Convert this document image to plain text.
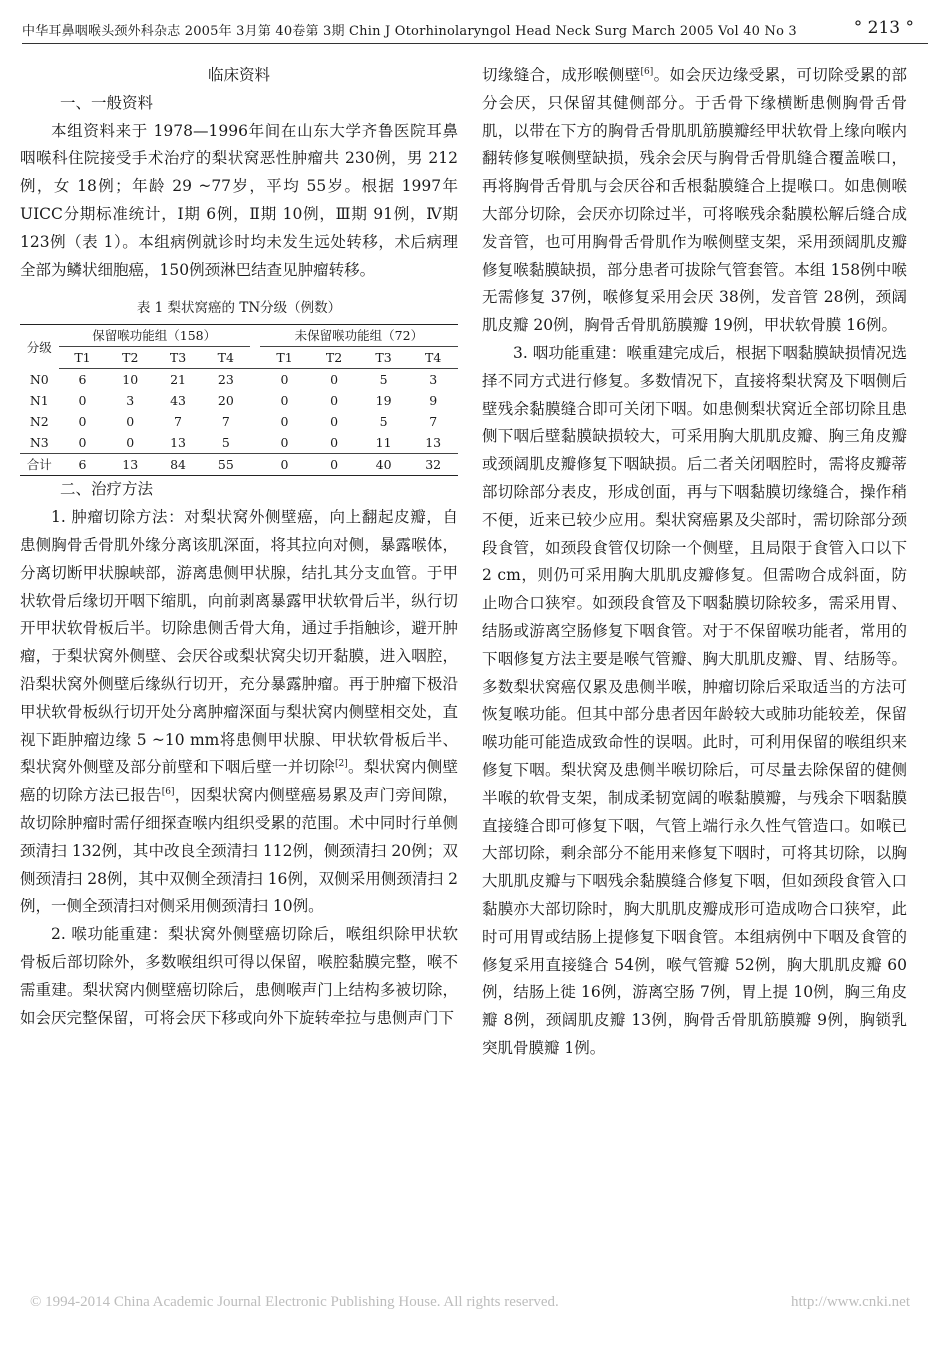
中华耳鼻咽喉头颈外科杂志 2005年 3月第 40卷第 3期 Chin J Otorhinolaryngol Head Neck Surg March 2005 Vol 40 No 3	° 213 °

临床资料

一、一般资料

本组资料来于 1978—1996年间在山东大学齐鲁医院耳鼻咽喉科住院接受手术治疗的梨状窝恶性肿瘤共 230例，男 212例，女 18例；年龄 29 ~77岁，平均 55岁。根据 1997年 UICC分期标准统计，Ⅰ期 6例，Ⅱ期 10例，Ⅲ期 91例，Ⅳ期 123例（表 1）。本组病例就诊时均未发生远处转移，术后病理全部为鳞状细胞癌，150例颈淋巴结查见肿瘤转移。

表 1 梨状窝癌的 TN分级（例数）
分级	保留喉功能组（158）					未保留喉功能组（72）			
	T1	T2	T3	T4		T1	T2	T3	T4
N0	6	10	21	23		0	0	5	3
N1	0	3	43	20		0	0	19	9
N2	0	0	7	7		0	0	5	7
N3	0	0	13	5		0	0	11	13
合计	6	13	84	55		0	0	40	32

二、治疗方法

1. 肿瘤切除方法：对梨状窝外侧壁癌，向上翻起皮瓣，自患侧胸骨舌骨肌外缘分离该肌深面，将其拉向对侧，暴露喉体，分离切断甲状腺峡部，游离患侧甲状腺，结扎其分支血管。于甲状软骨后缘切开咽下缩肌，向前剥离暴露甲状软骨后半，纵行切开甲状软骨板后半。切除患侧舌骨大角，通过手指触诊，避开肿瘤，于梨状窝外侧壁、会厌谷或梨状窝尖切开黏膜，进入咽腔，沿梨状窝外侧壁后缘纵行切开，充分暴露肿瘤。再于肿瘤下极沿甲状软骨板纵行切开处分离肿瘤深面与梨状窝内侧壁相交处，直视下距肿瘤边缘 5 ~10 mm将患侧甲状腺、甲状软骨板后半、梨状窝外侧壁及部分前壁和下咽后壁一并切除[2]。梨状窝内侧壁癌的切除方法已报告[6]，因梨状窝内侧壁癌易累及声门旁间隙，故切除肿瘤时需仔细探查喉内组织受累的范围。术中同时行单侧颈清扫 132例，其中改良全颈清扫 112例，侧颈清扫 20例；双侧颈清扫 28例，其中双侧全颈清扫 16例，双侧采用侧颈清扫 2例，一侧全颈清扫对侧采用侧颈清扫 10例。

2. 喉功能重建：梨状窝外侧壁癌切除后，喉组织除甲状软骨板后部切除外，多数喉组织可得以保留，喉腔黏膜完整，喉不需重建。梨状窝内侧壁癌切除后，患侧喉声门上结构多被切除，如会厌完整保留，可将会厌下移或向外下旋转牵拉与患侧声门下

切缘缝合，成形喉侧壁[6]。如会厌边缘受累，可切除受累的部分会厌，只保留其健侧部分。于舌骨下缘横断患侧胸骨舌骨肌，以带在下方的胸骨舌骨肌肌筋膜瓣经甲状软骨上缘向喉内翻转修复喉侧壁缺损，残余会厌与胸骨舌骨肌缝合覆盖喉口，再将胸骨舌骨肌与会厌谷和舌根黏膜缝合上提喉口。如患侧喉大部分切除，会厌亦切除过半，可将喉残余黏膜松解后缝合成发音管，也可用胸骨舌骨肌作为喉侧壁支架，采用颈阔肌皮瓣修复喉黏膜缺损，部分患者可拔除气管套管。本组 158例中喉无需修复 37例，喉修复采用会厌 38例，发音管 28例，颈阔肌皮瓣 20例，胸骨舌骨肌筋膜瓣 19例，甲状软骨膜 16例。

3. 咽功能重建：喉重建完成后，根据下咽黏膜缺损情况选择不同方式进行修复。多数情况下，直接将梨状窝及下咽侧后壁残余黏膜缝合即可关闭下咽。如患侧梨状窝近全部切除且患侧下咽后壁黏膜缺损较大，可采用胸大肌肌皮瓣、胸三角皮瓣或颈阔肌皮瓣修复下咽缺损。后二者关闭咽腔时，需将皮瓣蒂部切除部分表皮，形成创面，再与下咽黏膜切缘缝合，操作稍不便，近来已较少应用。梨状窝癌累及尖部时，需切除部分颈段食管，如颈段食管仅切除一个侧壁，且局限于食管入口以下 2 cm，则仍可采用胸大肌肌皮瓣修复。但需吻合成斜面，防止吻合口狭窄。如颈段食管及下咽黏膜切除较多，需采用胃、结肠或游离空肠修复下咽食管。对于不保留喉功能者，常用的下咽修复方法主要是喉气管瓣、胸大肌肌皮瓣、胃、结肠等。多数梨状窝癌仅累及患侧半喉，肿瘤切除后采取适当的方法可恢复喉功能。但其中部分患者因年龄较大或肺功能较差，保留喉功能可能造成致命性的误咽。此时，可利用保留的喉组织来修复下咽。梨状窝及患侧半喉切除后，可尽量去除保留的健侧半喉的软骨支架，制成柔韧宽阔的喉黏膜瓣，与残余下咽黏膜直接缝合即可修复下咽，气管上端行永久性气管造口。如喉已大部切除，剩余部分不能用来修复下咽时，可将其切除，以胸大肌肌皮瓣与下咽残余黏膜缝合修复下咽，但如颈段食管入口黏膜亦大部切除时，胸大肌肌皮瓣成形可造成吻合口狭窄，此时可用胃或结肠上提修复下咽食管。本组病例中下咽及食管的修复采用直接缝合 54例，喉气管瓣 52例，胸大肌肌皮瓣 60例，结肠上徙 16例，游离空肠 7例，胃上提 10例，胸三角皮瓣 8例，颈阔肌皮瓣 13例，胸骨舌骨肌筋膜瓣 9例，胸锁乳突肌骨膜瓣 1例。

© 1994-2014 China Academic Journal Electronic Publishing House. All rights reserved.	http://www.cnki.net
